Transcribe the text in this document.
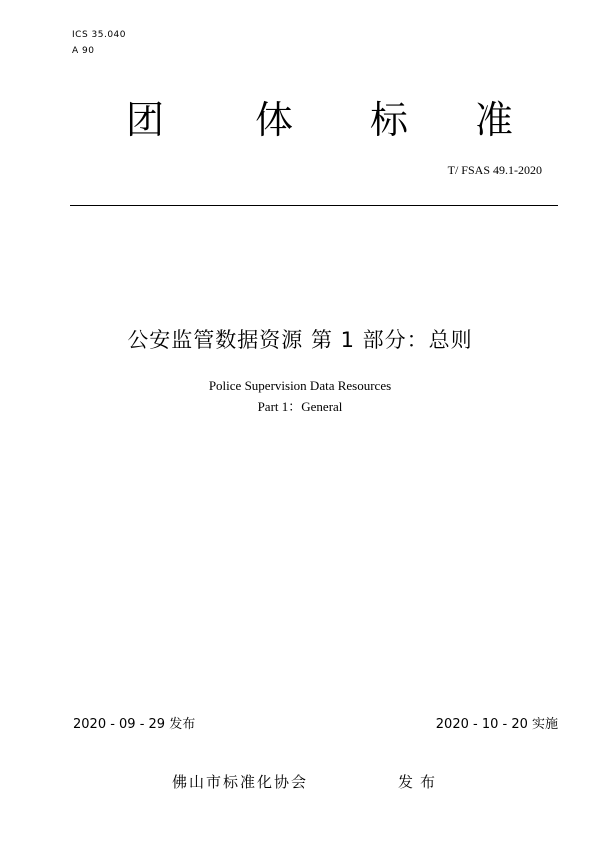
ICS 35.040
A 90
团 体 标 准
T/ FSAS 49.1-2020
公安监管数据资源 第 1 部分：总则
Police Supervision Data Resources
Part 1：General
2020 - 09 - 29 发布	2020 - 10 - 20 实施
佛山市标准化协会	发布
